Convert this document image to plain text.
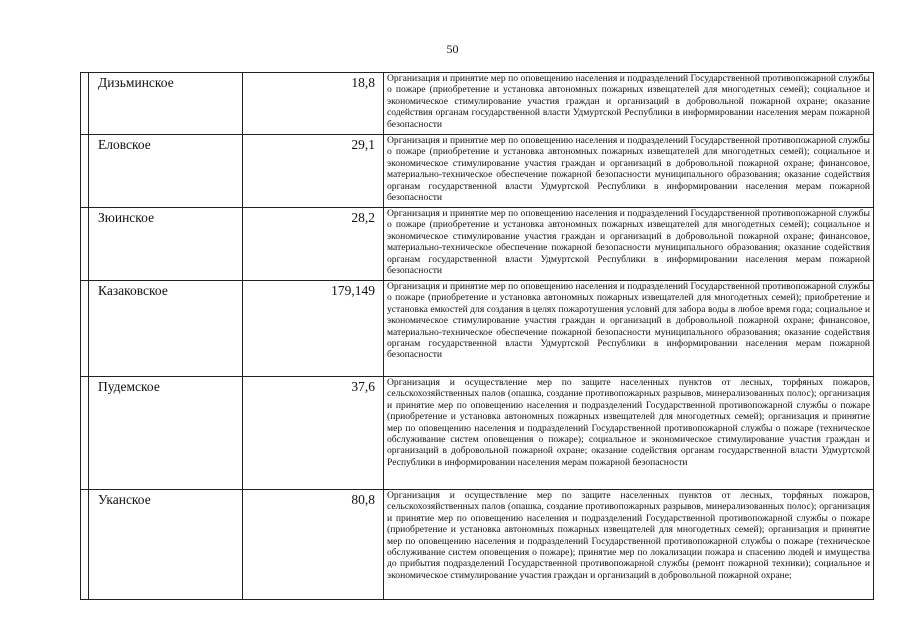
50

	Дизьминское	18,8	Организация и принятие мер по оповещению населения и подразделений Государственной противопожарной службы о пожаре (приобретение и установка автономных пожарных извещателей для многодетных семей); социальное и экономическое стимулирование участия граждан и организаций в добровольной пожарной охране; оказание содействия органам государственной власти Удмуртской Республики в информировании населения мерам пожарной безопасности

	Еловское	29,1	Организация и принятие мер по оповещению населения и подразделений Государственной противопожарной службы о пожаре (приобретение и установка автономных пожарных извещателей для многодетных семей); социальное и экономическое стимулирование участия граждан и организаций в добровольной пожарной охране; финансовое, материально-техническое обеспечение пожарной безопасности муниципального образования; оказание содействия органам государственной власти Удмуртской Республики в информировании населения мерам пожарной безопасности

	Зюинское	28,2	Организация и принятие мер по оповещению населения и подразделений Государственной противопожарной службы о пожаре (приобретение и установка автономных пожарных извещателей для многодетных семей); социальное и экономическое стимулирование участия граждан и организаций в добровольной пожарной охране; финансовое, материально-техническое обеспечение пожарной безопасности муниципального образования; оказание содействия органам государственной власти Удмуртской Республики в информировании населения мерам пожарной безопасности

	Казаковское	179,149	Организация и принятие мер по оповещению населения и подразделений Государственной противопожарной службы о пожаре (приобретение и установка автономных пожарных извещателей для многодетных семей); приобретение и установка емкостей для создания в целях пожаротушения условий для забора воды в любое время года; социальное и экономическое стимулирование участия граждан и организаций в добровольной пожарной охране; финансовое, материально-техническое обеспечение пожарной безопасности муниципального образования; оказание содействия органам государственной власти Удмуртской Республики в информировании населения мерам пожарной безопасности

	Пудемское	37,6	Организация и осуществление мер по защите населенных пунктов от лесных, торфяных пожаров, сельскохозяйственных палов (опашка, создание противопожарных разрывов, минерализованных полос); организация и принятие мер по оповещению населения и подразделений Государственной противопожарной службы о пожаре (приобретение и установка автономных пожарных извещателей для многодетных семей); организация и принятие мер по оповещению населения и подразделений Государственной противопожарной службы о пожаре (техническое обслуживание систем оповещения о пожаре); социальное и экономическое стимулирование участия граждан и организаций в добровольной пожарной охране; оказание содействия органам государственной власти Удмуртской Республики в информировании населения мерам пожарной безопасности

	Уканское	80,8	Организация и осуществление мер по защите населенных пунктов от лесных, торфяных пожаров, сельскохозяйственных палов (опашка, создание противопожарных разрывов, минерализованных полос); организация и принятие мер по оповещению населения и подразделений Государственной противопожарной службы о пожаре (приобретение и установка автономных пожарных извещателей для многодетных семей); организация и принятие мер по оповещению населения и подразделений Государственной противопожарной службы о пожаре (техническое обслуживание систем оповещения о пожаре); принятие мер по локализации пожара и спасению людей и имущества до прибытия подразделений Государственной противопожарной службы (ремонт пожарной техники); социальное и экономическое стимулирование участия граждан и организаций в добровольной пожарной охране;
